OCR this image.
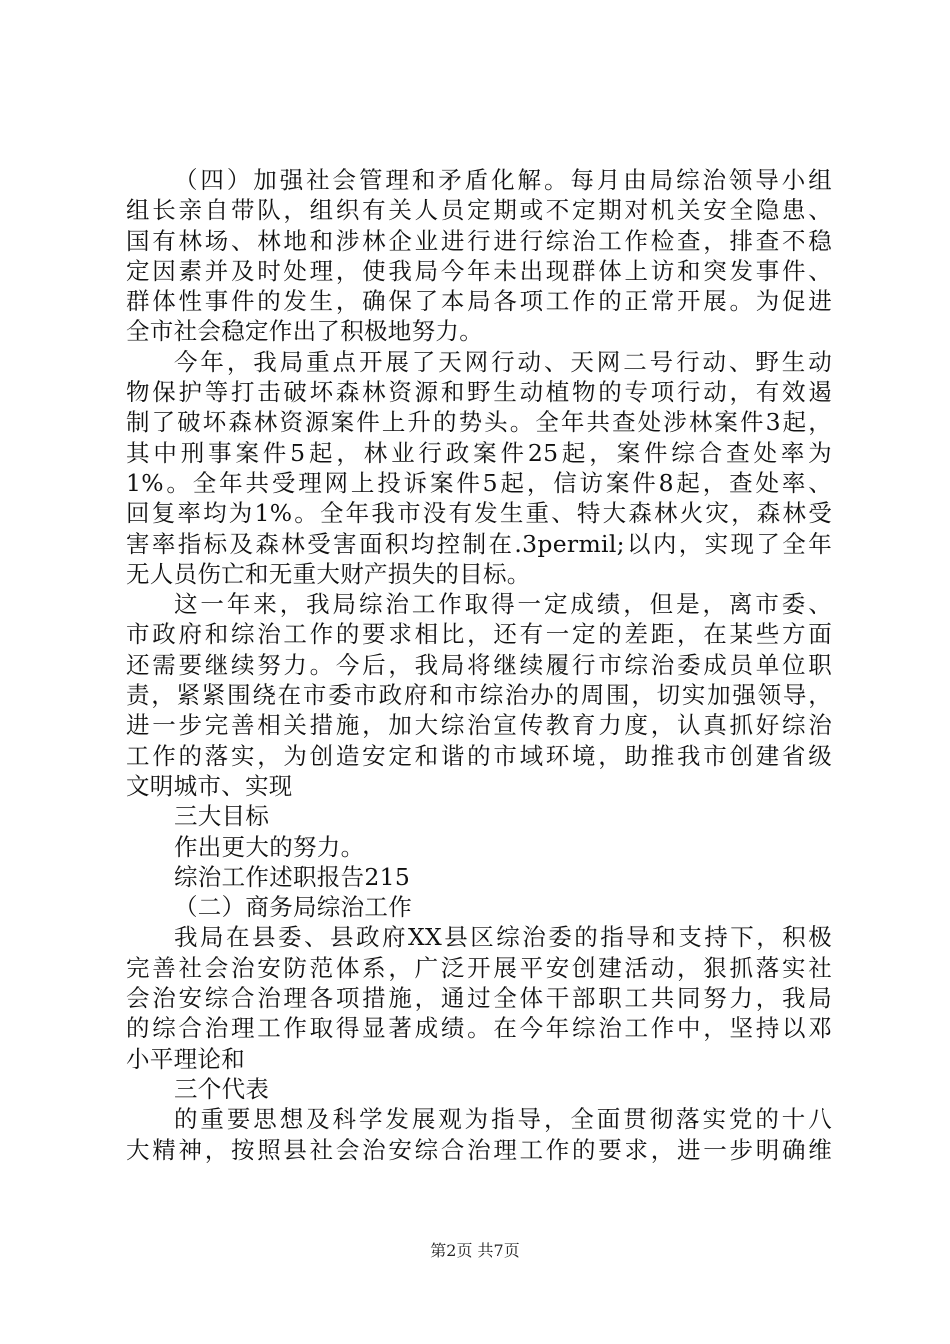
（四）加强社会管理和矛盾化解。每月由局综治领导小组
组长亲自带队，组织有关人员定期或不定期对机关安全隐患、
国有林场、林地和涉林企业进行进行综治工作检查，排查不稳
定因素并及时处理，使我局今年未出现群体上访和突发事件、
群体性事件的发生，确保了本局各项工作的正常开展。为促进
全市社会稳定作出了积极地努力。
今年，我局重点开展了天网行动、天网二号行动、野生动
物保护等打击破坏森林资源和野生动植物的专项行动，有效遏
制了破坏森林资源案件上升的势头。全年共查处涉林案件3起，
其中刑事案件5起，林业行政案件25起，案件综合查处率为
1%。全年共受理网上投诉案件5起，信访案件8起，查处率、
回复率均为1%。全年我市没有发生重、特大森林火灾，森林受
害率指标及森林受害面积均控制在.3permil;以内，实现了全年
无人员伤亡和无重大财产损失的目标。
这一年来，我局综治工作取得一定成绩，但是，离市委、
市政府和综治工作的要求相比，还有一定的差距，在某些方面
还需要继续努力。今后，我局将继续履行市综治委成员单位职
责，紧紧围绕在市委市政府和市综治办的周围，切实加强领导，
进一步完善相关措施，加大综治宣传教育力度，认真抓好综治
工作的落实，为创造安定和谐的市域环境，助推我市创建省级
文明城市、实现
三大目标
作出更大的努力。
综治工作述职报告215
（二）商务局综治工作
我局在县委、县政府XX县区综治委的指导和支持下，积极
完善社会治安防范体系，广泛开展平安创建活动，狠抓落实社
会治安综合治理各项措施，通过全体干部职工共同努力，我局
的综合治理工作取得显著成绩。在今年综治工作中，坚持以邓
小平理论和
三个代表
的重要思想及科学发展观为指导，全面贯彻落实党的十八
大精神，按照县社会治安综合治理工作的要求，进一步明确维
第2页 共7页
